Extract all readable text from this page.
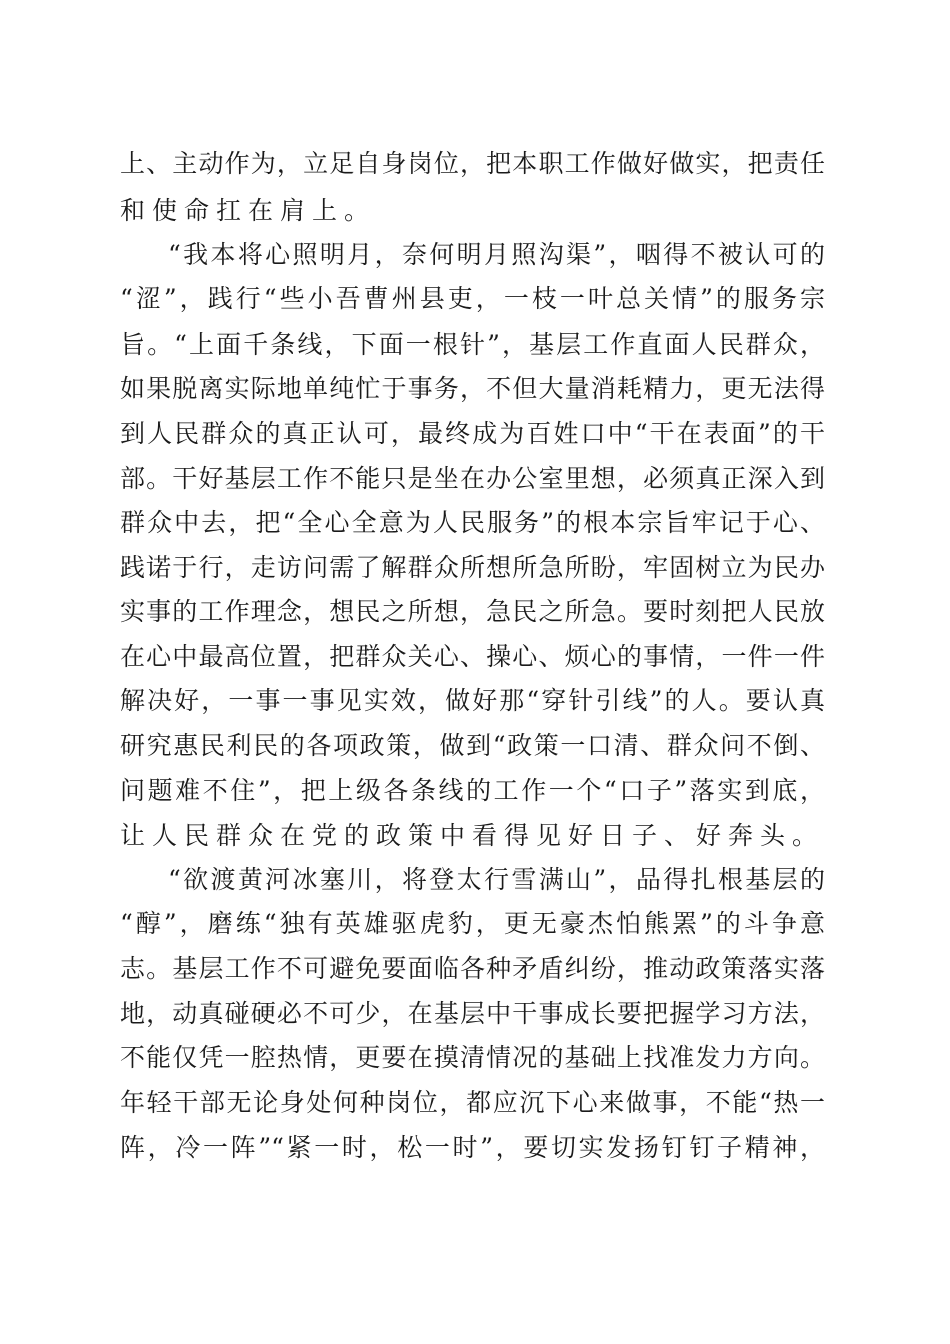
上、主动作为，立足自身岗位，把本职工作做好做实，把责任
和使命扛在肩上。
“我本将心照明月，奈何明月照沟渠”，咽得不被认可的
“涩”，践行“些小吾曹州县吏，一枝一叶总关情”的服务宗
旨。“上面千条线，下面一根针”，基层工作直面人民群众，
如果脱离实际地单纯忙于事务，不但大量消耗精力，更无法得
到人民群众的真正认可，最终成为百姓口中“干在表面”的干
部。干好基层工作不能只是坐在办公室里想，必须真正深入到
群众中去，把“全心全意为人民服务”的根本宗旨牢记于心、
践诺于行，走访问需了解群众所想所急所盼，牢固树立为民办
实事的工作理念，想民之所想，急民之所急。要时刻把人民放
在心中最高位置，把群众关心、操心、烦心的事情，一件一件
解决好，一事一事见实效，做好那“穿针引线”的人。要认真
研究惠民利民的各项政策，做到“政策一口清、群众问不倒、
问题难不住”，把上级各条线的工作一个“口子”落实到底，
让人民群众在党的政策中看得见好日子、好奔头。
“欲渡黄河冰塞川，将登太行雪满山”，品得扎根基层的
“醇”，磨练“独有英雄驱虎豹，更无豪杰怕熊罴”的斗争意
志。基层工作不可避免要面临各种矛盾纠纷，推动政策落实落
地，动真碰硬必不可少，在基层中干事成长要把握学习方法，
不能仅凭一腔热情，更要在摸清情况的基础上找准发力方向。
年轻干部无论身处何种岗位，都应沉下心来做事，不能“热一
阵，冷一阵”“紧一时，松一时”，要切实发扬钉钉子精神，
